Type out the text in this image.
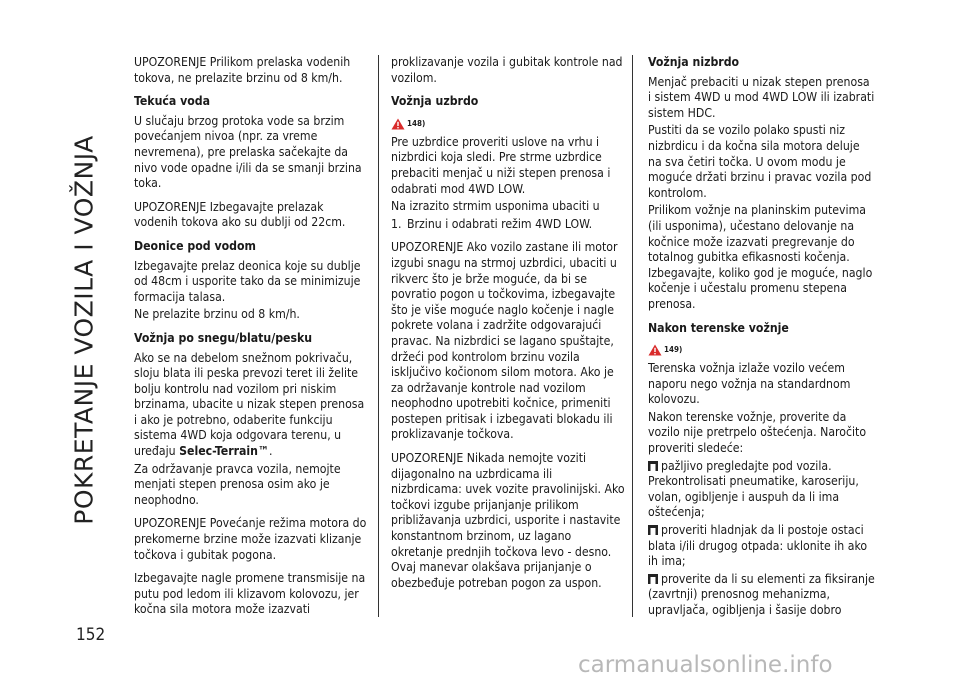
POKRETANJE VOZILA I VOŽNJA
152

UPOZORENJE Prilikom prelaska vodenih tokova, ne prelazite brzinu od 8 km/h.

Tekuća voda

U slučaju brzog protoka vode sa brzim povećanjem nivoa (npr. za vreme nevremena), pre prelaska sačekajte da nivo vode opadne i/ili da se smanji brzina toka.

UPOZORENJE Izbegavajte prelazak vodenih tokova ako su dublji od 22cm.

Deonice pod vodom

Izbegavajte prelaz deonica koje su dublje od 48cm i usporite tako da se minimizuje formacija talasa.

Ne prelazite brzinu od 8 km/h.

Vožnja po snegu/blatu/pesku

Ako se na debelom snežnom pokrivaču, sloju blata ili peska prevozi teret ili želite bolju kontrolu nad vozilom pri niskim brzinama, ubacite u nizak stepen prenosa i ako je potrebno, odaberite funkciju sistema 4WD koja odgovara terenu, u uređaju Selec-Terrain™.

Za održavanje pravca vozila, nemojte menjati stepen prenosa osim ako je neophodno.

UPOZORENJE Povećanje režima motora do prekomerne brzine može izazvati klizanje točkova i gubitak pogona.

Izbegavajte nagle promene transmisije na putu pod ledom ili klizavom kolovozu, jer kočna sila motora može izazvati

proklizavanje vozila i gubitak kontrole nad vozilom.

Vožnja uzbrdo
148)

Pre uzbrdice proveriti uslove na vrhu i nizbrdici koja sledi. Pre strme uzbrdice prebaciti menjač u niži stepen prenosa i odabrati mod 4WD LOW.

Na izrazito strmim usponima ubaciti u

1. Brzinu i odabrati režim 4WD LOW.

UPOZORENJE Ako vozilo zastane ili motor izgubi snagu na strmoj uzbrdici, ubaciti u rikverc što je brže moguće, da bi se povratio pogon u točkovima, izbegavajte što je više moguće naglo kočenje i nagle pokrete volana i zadržite odgovarajući pravac. Na nizbrdici se lagano spuštajte, držeći pod kontrolom brzinu vozila isključivo kočionom silom motora. Ako je za održavanje kontrole nad vozilom neophodno upotrebiti kočnice, primeniti postepen pritisak i izbegavati blokadu ili proklizavanje točkova.

UPOZORENJE Nikada nemojte voziti dijagonalno na uzbrdicama ili nizbrdicama: uvek vozite pravolinijski. Ako točkovi izgube prijanjanje prilikom približavanja uzbrdici, usporite i nastavite konstantnom brzinom, uz lagano okretanje prednjih točkova levo - desno. Ovaj manevar olakšava prijanjanje o obezbeđuje potreban pogon za uspon.

Vožnja nizbrdo

Menjač prebaciti u nizak stepen prenosa i sistem 4WD u mod 4WD LOW ili izabrati sistem HDC.

Pustiti da se vozilo polako spusti niz nizbrdicu i da kočna sila motora deluje na sva četiri točka. U ovom modu je moguće držati brzinu i pravac vozila pod kontrolom.

Prilikom vožnje na planinskim putevima (ili usponima), učestano delovanje na kočnice može izazvati pregrevanje do totalnog gubitka efikasnosti kočenja. Izbegavajte, koliko god je moguće, naglo kočenje i učestalu promenu stepena prenosa.

Nakon terenske vožnje
149)

Terenska vožnja izlaže vozilo većem naporu nego vožnja na standardnom kolovozu.

Nakon terenske vožnje, proverite da vozilo nije pretrpelo oštećenja. Naročito proveriti sledeće:

pažljivo pregledajte pod vozila. Prekontrolisati pneumatike, karoseriju, volan, ogibljenje i auspuh da li ima oštećenja;

proveriti hladnjak da li postoje ostaci blata i/ili drugog otpada: uklonite ih ako ih ima;

proverite da li su elementi za fiksiranje (zavrtnji) prenosnog mehanizma, upravljača, ogibljenja i šasije dobro

carmanualsonline.info
